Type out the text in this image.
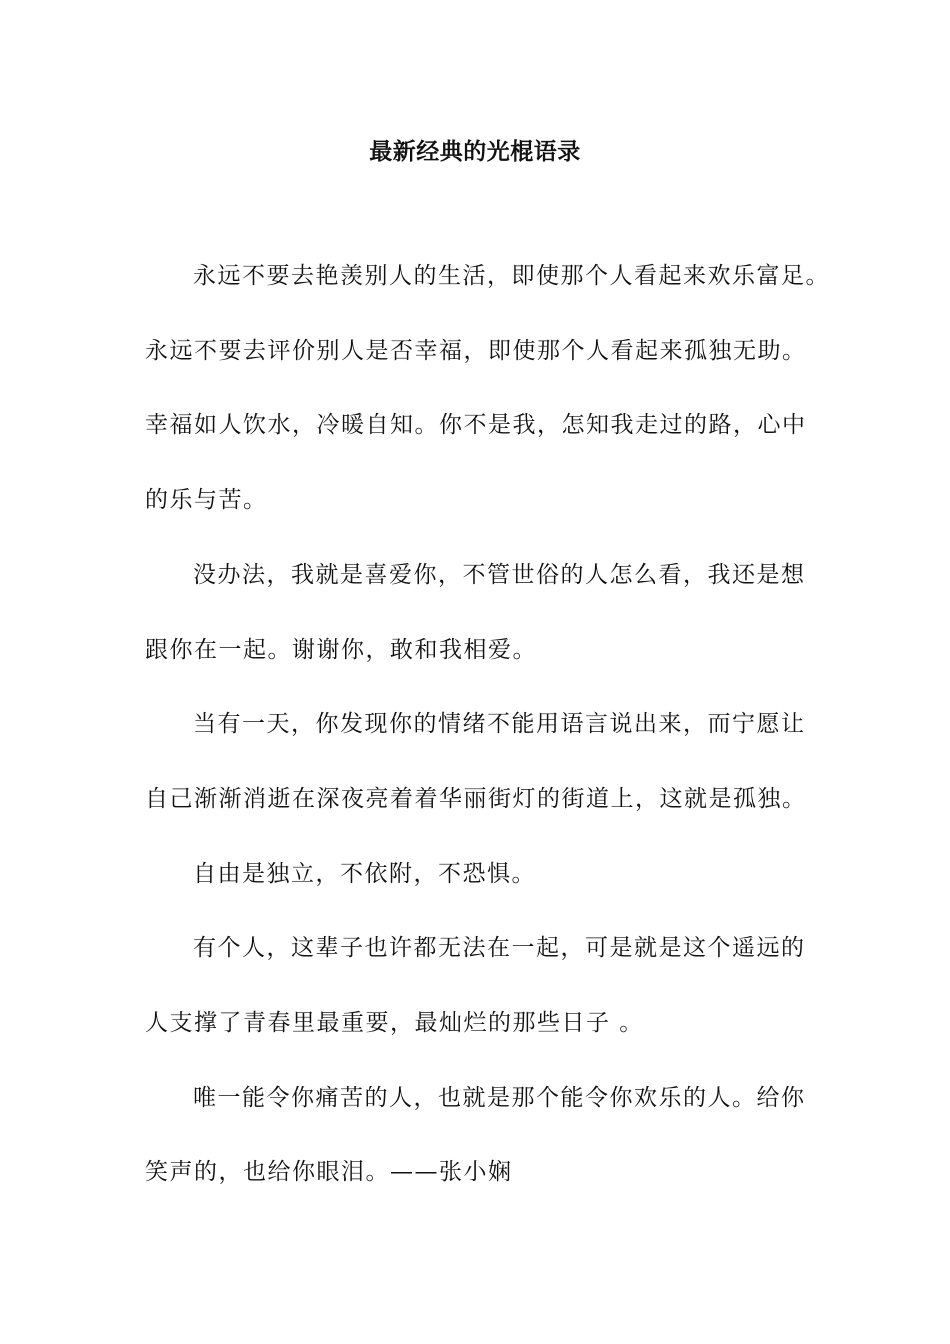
最新经典的光棍语录
永远不要去艳羡别人的生活，即使那个人看起来欢乐富足。
永远不要去评价别人是否幸福，即使那个人看起来孤独无助。
幸福如人饮水，冷暖自知。你不是我，怎知我走过的路，心中
的乐与苦。
没办法，我就是喜爱你，不管世俗的人怎么看，我还是想
跟你在一起。谢谢你，敢和我相爱。
当有一天，你发现你的情绪不能用语言说出来，而宁愿让
自己渐渐消逝在深夜亮着着华丽街灯的街道上，这就是孤独。
自由是独立，不依附，不恐惧。
有个人，这辈子也许都无法在一起，可是就是这个遥远的
人支撑了青春里最重要，最灿烂的那些日子 。
唯一能令你痛苦的人，也就是那个能令你欢乐的人。给你
笑声的，也给你眼泪。——张小娴
